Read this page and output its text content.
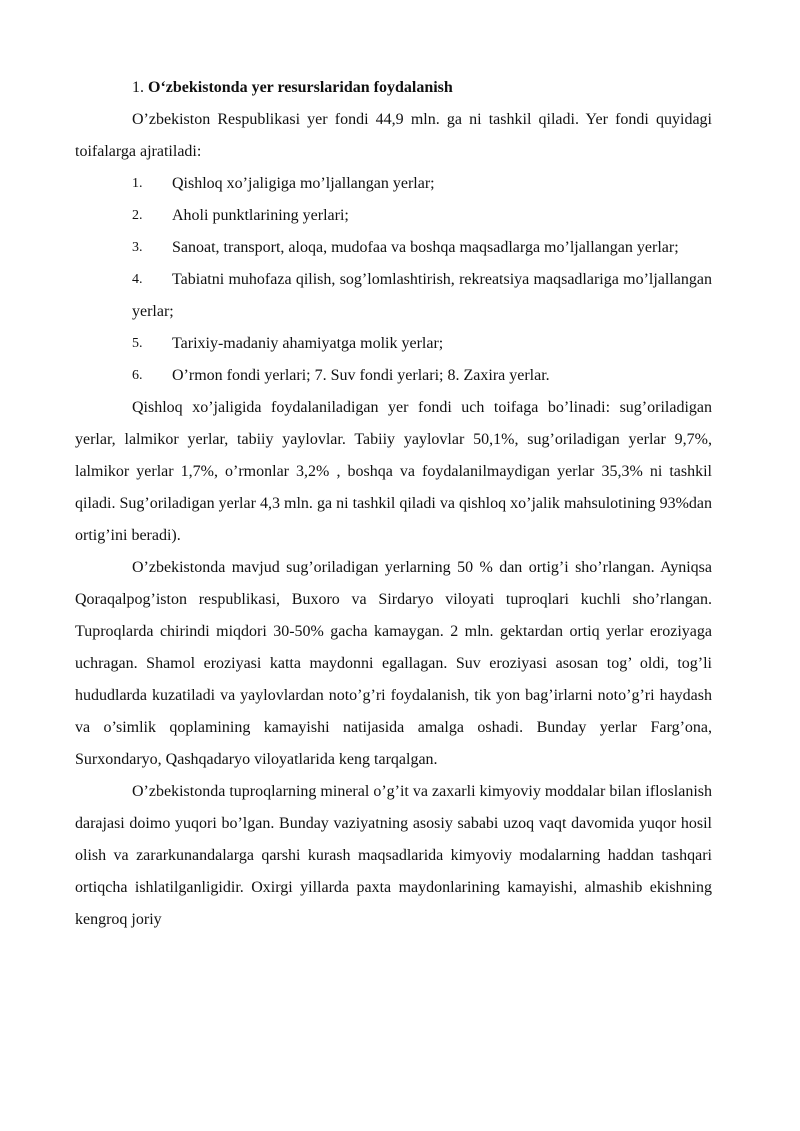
1. O‘zbekistonda yer resurslaridan foydalanish

O’zbekiston Respublikasi yer fondi 44,9 mln. ga ni tashkil qiladi. Yer fondi quyidagi toifalarga ajratiladi:

1.	Qishloq xo’jaligiga mo’ljallangan yerlar;
2.	Aholi punktlarining yerlari;
3.	Sanoat, transport, aloqa, mudofaa va boshqa maqsadlarga mo’ljallangan yerlar;
4.	Tabiatni muhofaza qilish, sog’lomlashtirish, rekreatsiya maqsadlariga mo’ljallangan yerlar;
5.	Tarixiy-madaniy ahamiyatga molik yerlar;
6.	O’rmon fondi yerlari; 7. Suv fondi yerlari; 8. Zaxira yerlar.

Qishloq xo’jaligida foydalaniladigan yer fondi uch toifaga bo’linadi: sug’oriladigan yerlar, lalmikor yerlar, tabiiy yaylovlar. Tabiiy yaylovlar 50,1%, sug’oriladigan yerlar 9,7%, lalmikor yerlar 1,7%, o’rmonlar 3,2% , boshqa va foydalanilmaydigan yerlar 35,3% ni tashkil qiladi. Sug’oriladigan yerlar 4,3 mln. ga ni tashkil qiladi va qishloq xo’jalik mahsulotining 93%dan ortig’ini beradi).

O’zbekistonda mavjud sug’oriladigan yerlarning 50 % dan ortig’i sho’rlangan. Ayniqsa Qoraqalpog’iston respublikasi, Buxoro va Sirdaryo viloyati tuproqlari kuchli sho’rlangan. Tuproqlarda chirindi miqdori 30-50% gacha kamaygan. 2 mln. gektardan ortiq yerlar eroziyaga uchragan. Shamol eroziyasi katta maydonni egallagan. Suv eroziyasi asosan tog’ oldi, tog’li hududlarda kuzatiladi va yaylovlardan noto’g’ri foydalanish, tik yon bag’irlarni noto’g’ri haydash va o’simlik qoplamining kamayishi natijasida amalga oshadi. Bunday yerlar Farg’ona, Surxondaryo, Qashqadaryo viloyatlarida keng tarqalgan.

O’zbekistonda tuproqlarning mineral o’g’it va zaxarli kimyoviy moddalar bilan ifloslanish darajasi doimo yuqori bo’lgan. Bunday vaziyatning asosiy sababi uzoq vaqt davomida yuqor hosil olish va zararkunandalarga qarshi kurash maqsadlarida kimyoviy modalarning haddan tashqari ortiqcha ishlatilganligidir. Oxirgi yillarda paxta maydonlarining kamayishi, almashib ekishning kengroq joriy
